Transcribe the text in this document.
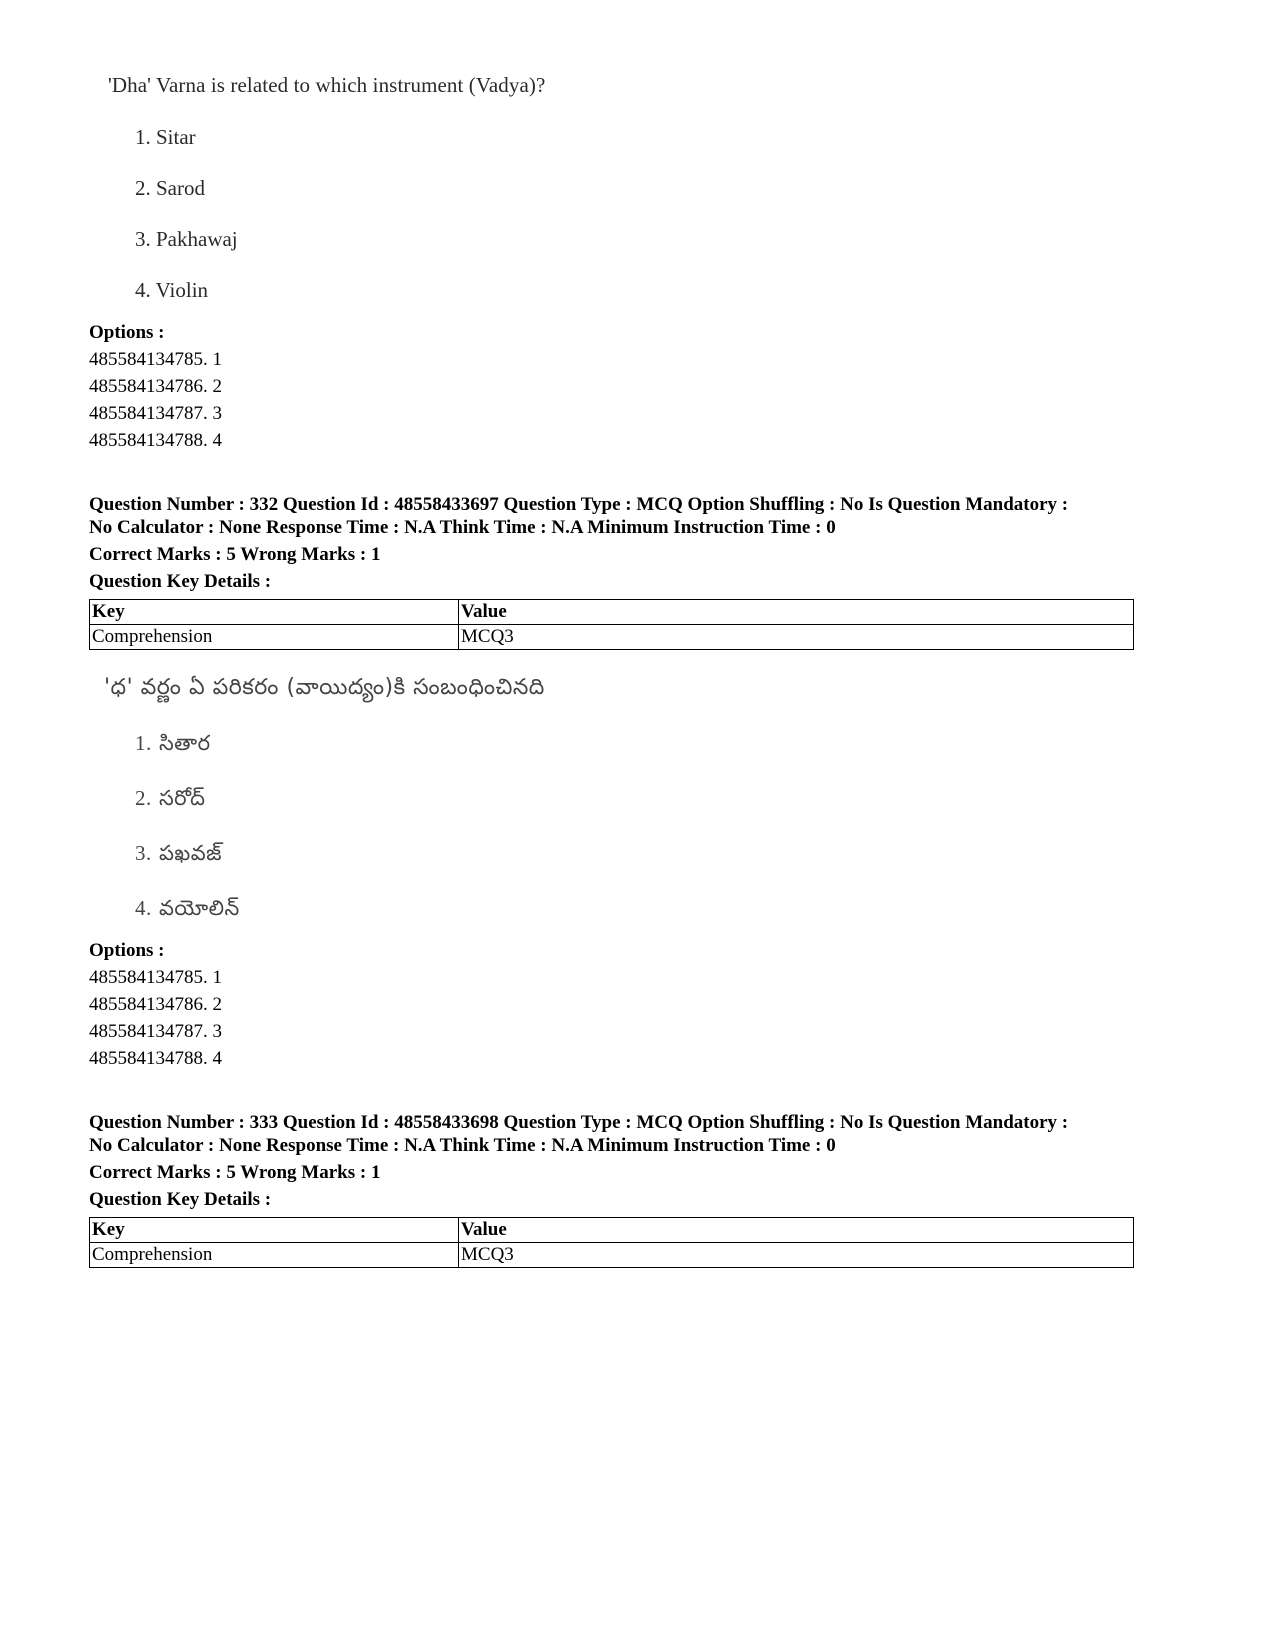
'Dha' Varna is related to which instrument (Vadya)?
1. Sitar
2. Sarod
3. Pakhawaj
4. Violin
Options :
485584134785. 1
485584134786. 2
485584134787. 3
485584134788. 4
Question Number : 332 Question Id : 48558433697 Question Type : MCQ Option Shuffling : No Is Question Mandatory :
No Calculator : None Response Time : N.A Think Time : N.A Minimum Instruction Time : 0
Correct Marks : 5 Wrong Marks : 1
Question Key Details :
Key	Value
Comprehension	MCQ3
'ధ' వర్ణం ఏ పరికరం (వాయిద్యం)కి సంబంధించినది
1. సితార
2. సరోద్
3. పఖవజ్
4. వయోలిన్
Options :
485584134785. 1
485584134786. 2
485584134787. 3
485584134788. 4
Question Number : 333 Question Id : 48558433698 Question Type : MCQ Option Shuffling : No Is Question Mandatory :
No Calculator : None Response Time : N.A Think Time : N.A Minimum Instruction Time : 0
Correct Marks : 5 Wrong Marks : 1
Question Key Details :
Key	Value
Comprehension	MCQ3
